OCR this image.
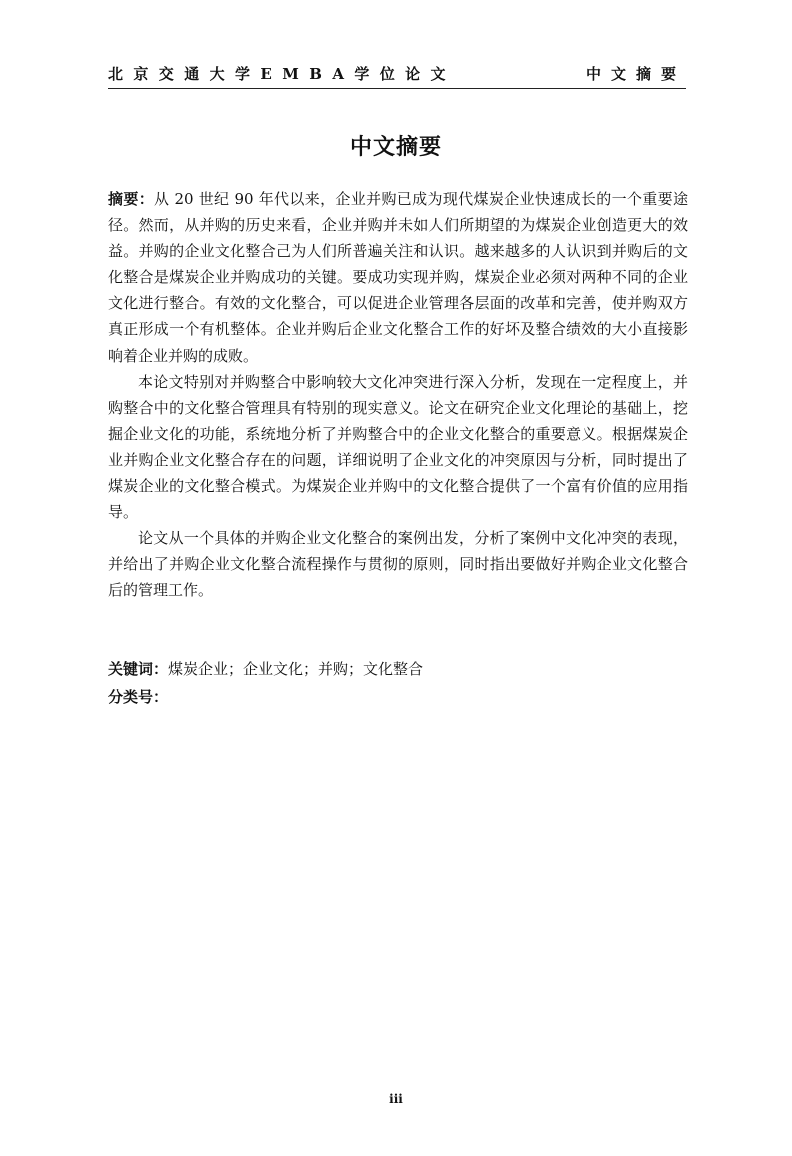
北京交通大学EMBA学位论文	中文摘要
中文摘要

摘要：从 20 世纪 90 年代以来，企业并购已成为现代煤炭企业快速成长的一个重要途径。然而，从并购的历史来看，企业并购并未如人们所期望的为煤炭企业创造更大的效益。并购的企业文化整合己为人们所普遍关注和认识。越来越多的人认识到并购后的文化整合是煤炭企业并购成功的关键。要成功实现并购，煤炭企业必须对两种不同的企业文化进行整合。有效的文化整合，可以促进企业管理各层面的改革和完善，使并购双方真正形成一个有机整体。企业并购后企业文化整合工作的好坏及整合绩效的大小直接影响着企业并购的成败。

本论文特别对并购整合中影响较大文化冲突进行深入分析，发现在一定程度上，并购整合中的文化整合管理具有特别的现实意义。论文在研究企业文化理论的基础上，挖掘企业文化的功能，系统地分析了并购整合中的企业文化整合的重要意义。根据煤炭企业并购企业文化整合存在的问题，详细说明了企业文化的冲突原因与分析，同时提出了煤炭企业的文化整合模式。为煤炭企业并购中的文化整合提供了一个富有价值的应用指导。

论文从一个具体的并购企业文化整合的案例出发，分析了案例中文化冲突的表现，并给出了并购企业文化整合流程操作与贯彻的原则，同时指出要做好并购企业文化整合后的管理工作。

关键词：煤炭企业；企业文化；并购；文化整合
分类号：
iii
